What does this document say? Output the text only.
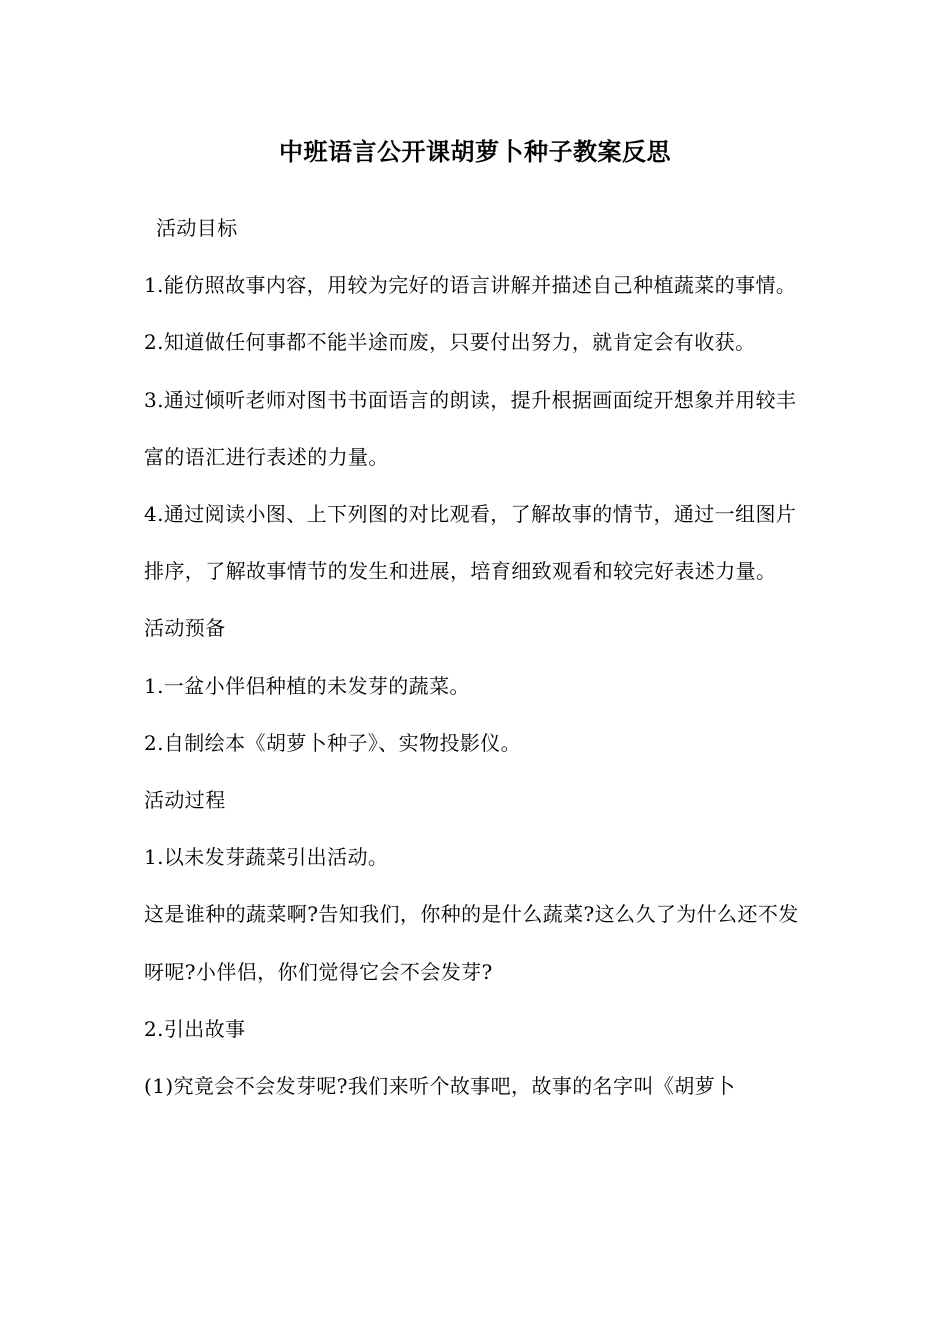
中班语言公开课胡萝卜种子教案反思

活动目标

1.能仿照故事内容，用较为完好的语言讲解并描述自己种植蔬菜的事情。

2.知道做任何事都不能半途而废，只要付出努力，就肯定会有收获。

3.通过倾听老师对图书书面语言的朗读，提升根据画面绽开想象并用较丰富的语汇进行表述的力量。

4.通过阅读小图、上下列图的对比观看，了解故事的情节，通过一组图片排序，了解故事情节的发生和进展，培育细致观看和较完好表述力量。

活动预备

1.一盆小伴侣种植的未发芽的蔬菜。

2.自制绘本《胡萝卜种子》、实物投影仪。

活动过程

1.以未发芽蔬菜引出活动。

这是谁种的蔬菜啊?告知我们，你种的是什么蔬菜?这么久了为什么还不发呀呢?小伴侣，你们觉得它会不会发芽?

2.引出故事

(1)究竟会不会发芽呢?我们来听个故事吧，故事的名字叫《胡萝卜
